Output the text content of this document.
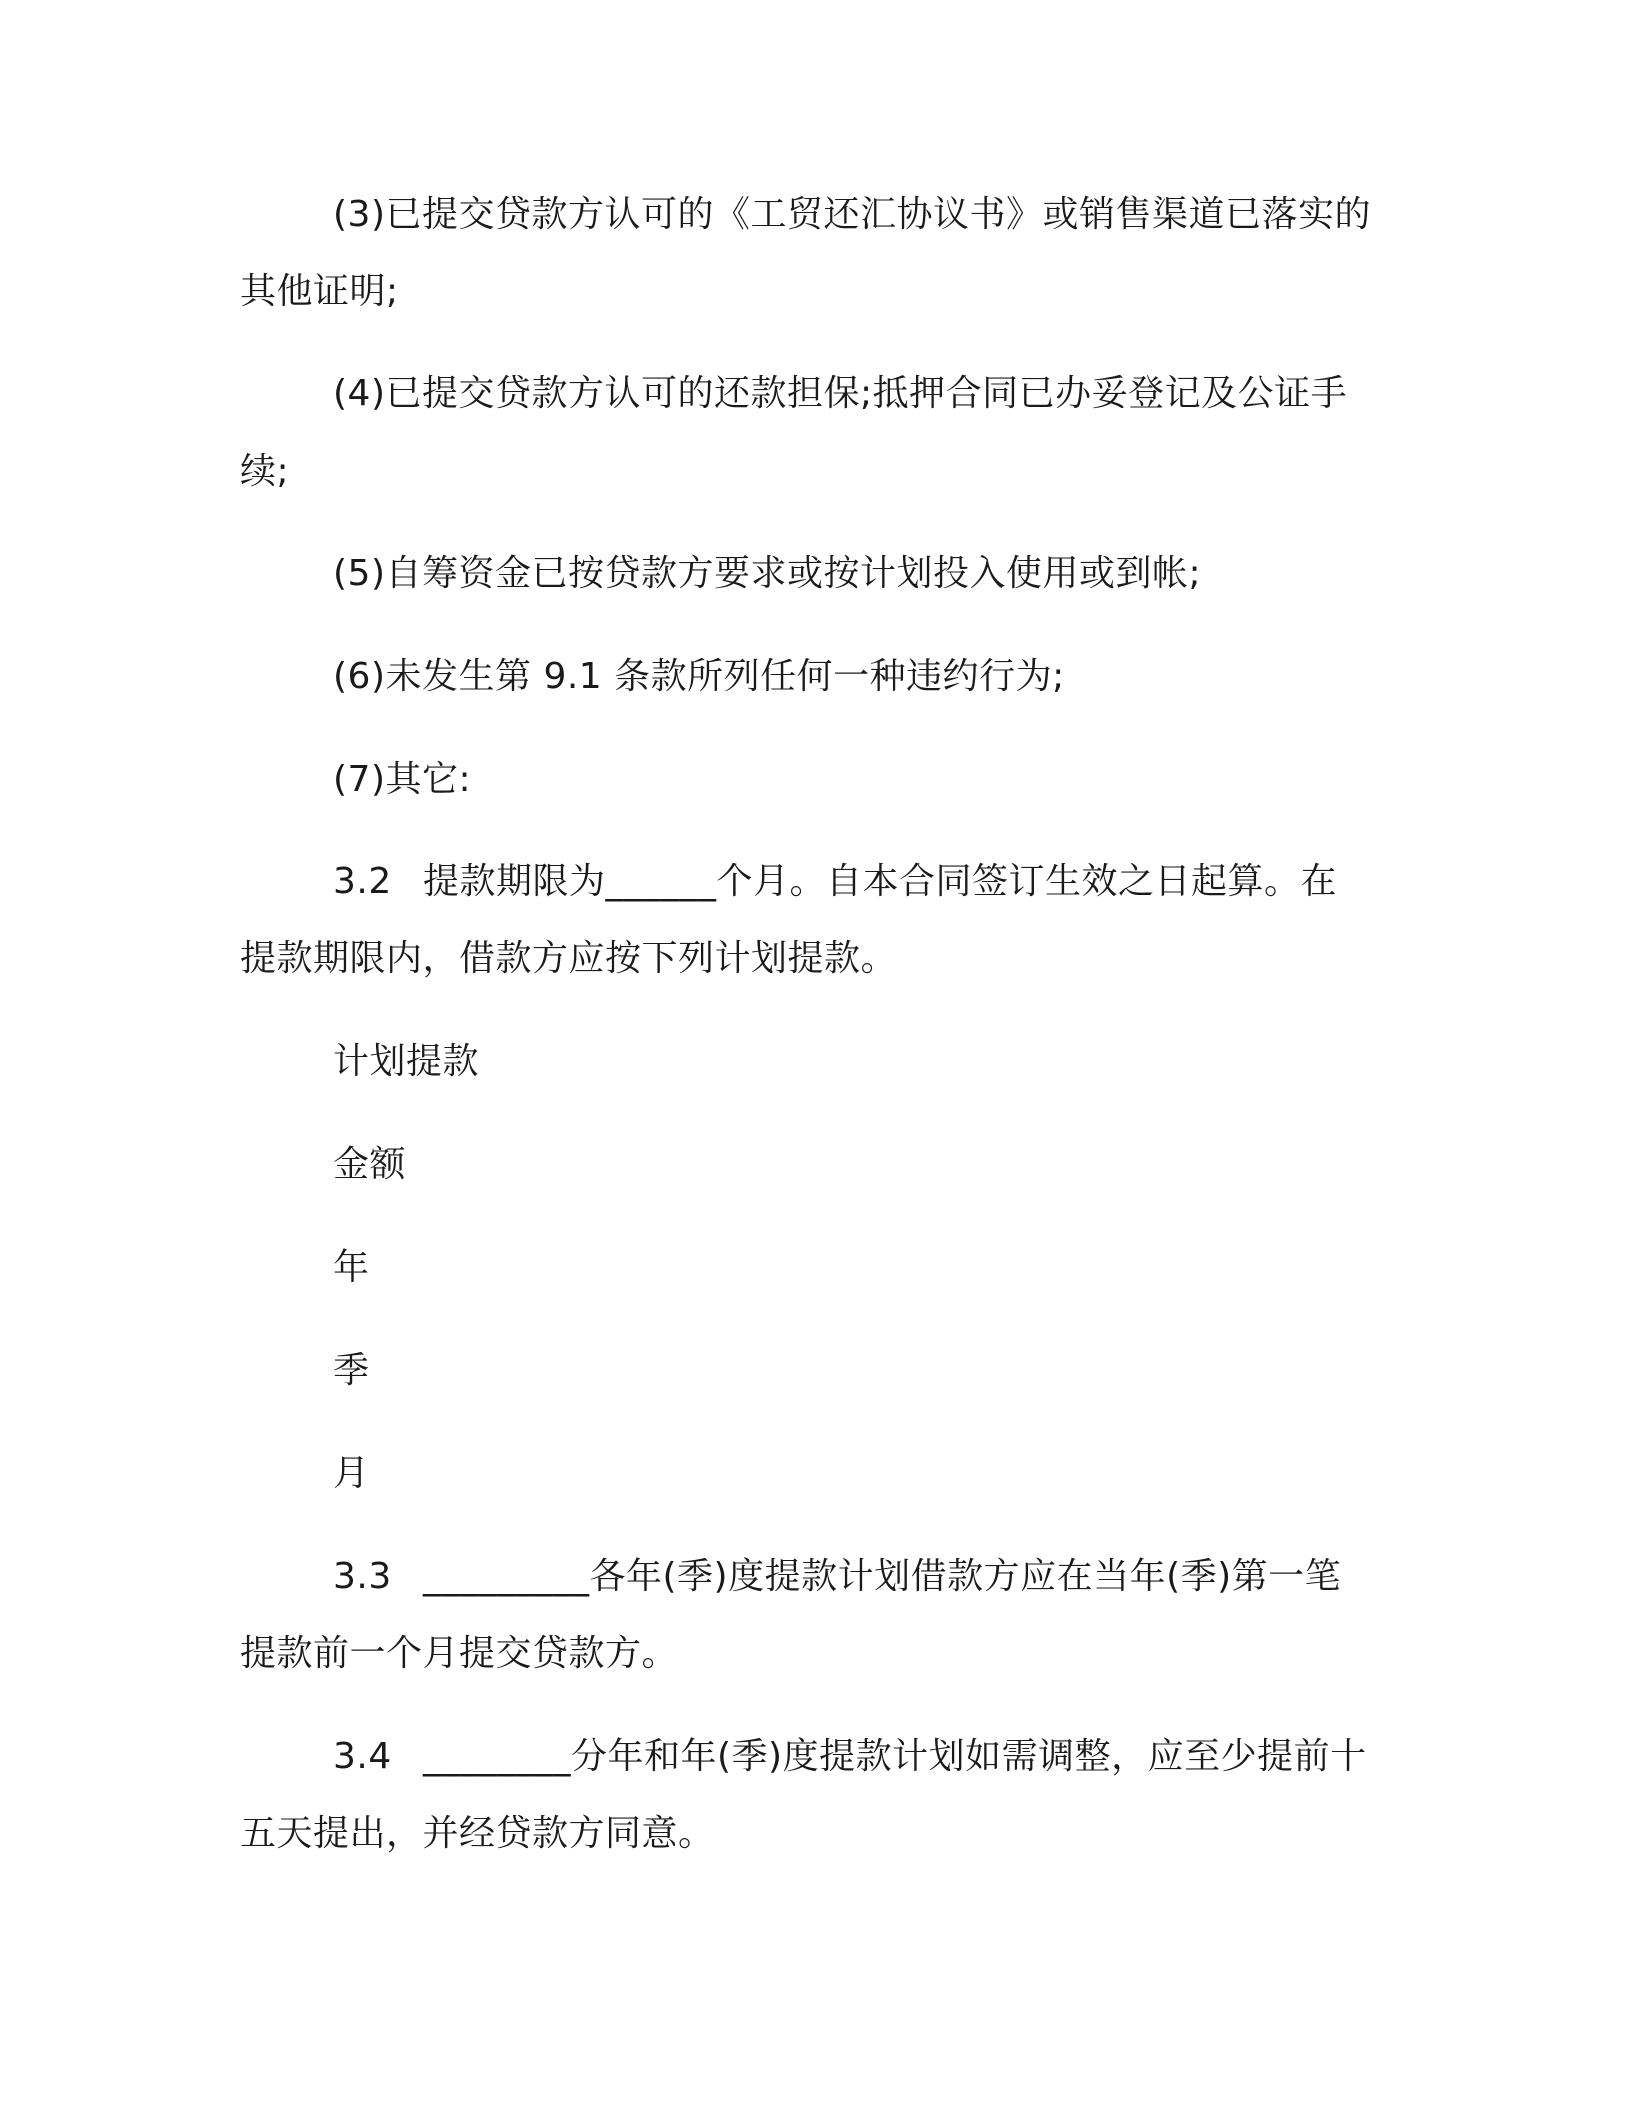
(3)已提交贷款方认可的《工贸还汇协议书》或销售渠道已落实的
其他证明;
(4)已提交贷款方认可的还款担保;抵押合同已办妥登记及公证手
续;
(5)自筹资金已按贷款方要求或按计划投入使用或到帐;
(6)未发生第 9.1 条款所列任何一种违约行为;
(7)其它:
3.2 提款期限为______个月。自本合同签订生效之日起算。在
提款期限内，借款方应按下列计划提款。
计划提款
金额
年
季
月
3.3 _________各年(季)度提款计划借款方应在当年(季)第一笔
提款前一个月提交贷款方。
3.4 ________分年和年(季)度提款计划如需调整，应至少提前十
五天提出，并经贷款方同意。
